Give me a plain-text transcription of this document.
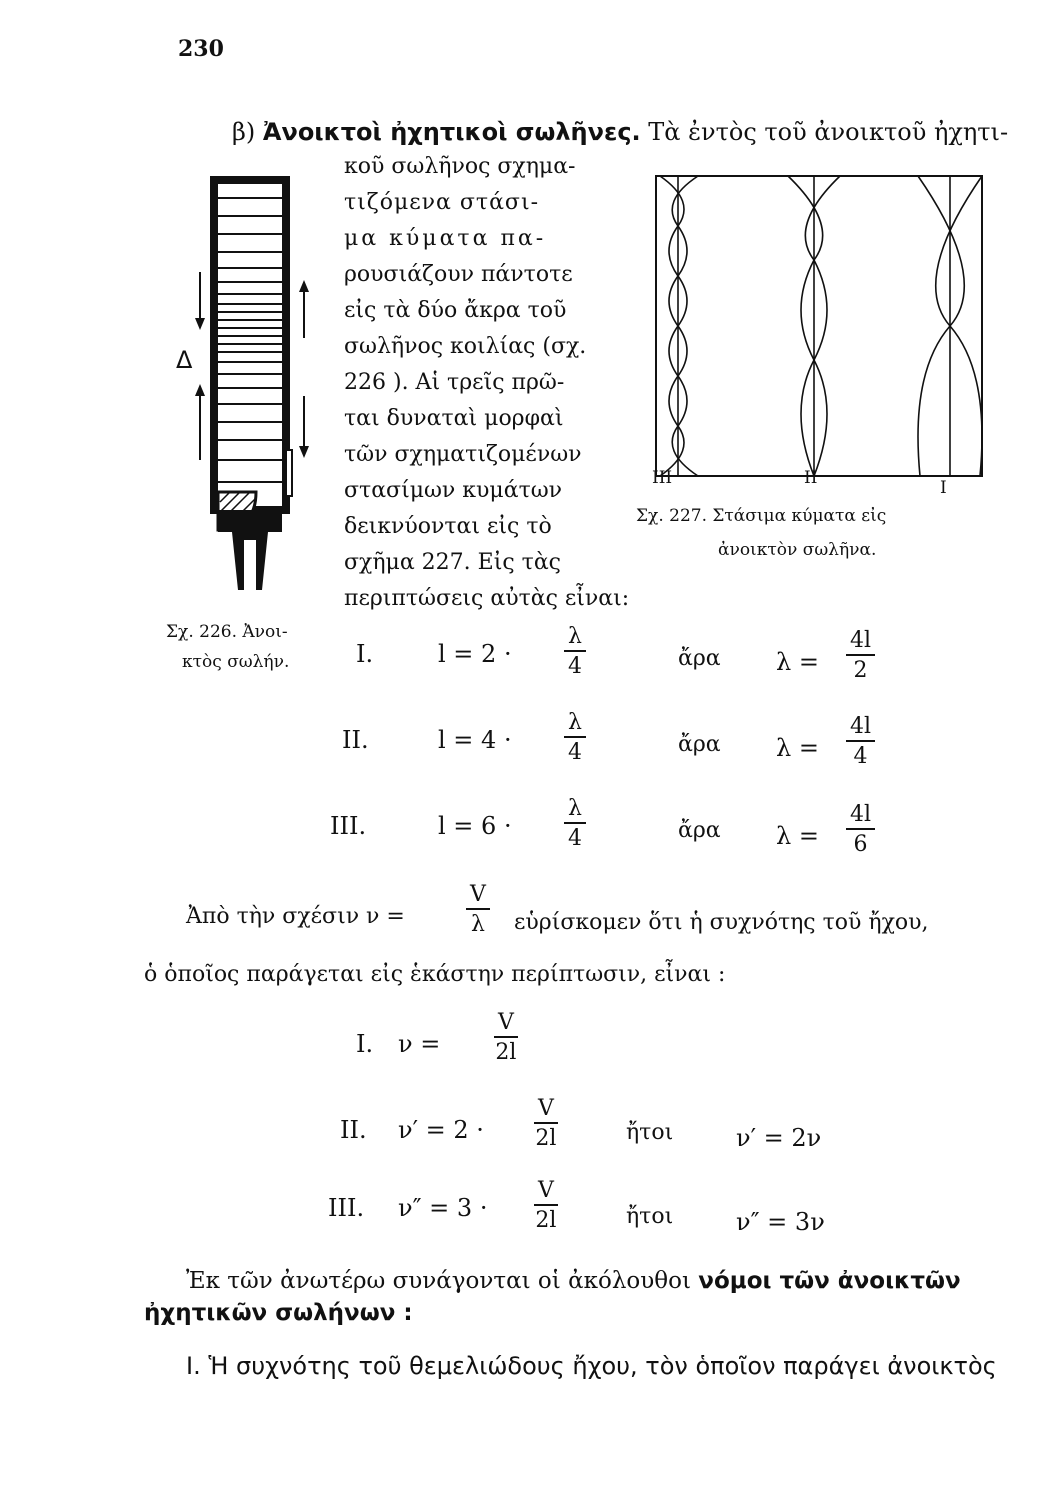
230
β) Ἀνοικτοὶ ἠχητικοὶ σωλῆνες. Τὰ ἐντὸς τοῦ ἀνοικτοῦ ἠχητι-
κοῦ σωλῆνος σχημα-
τιζόμενα στάσι-
μα κύματα πα-
ρουσιάζουν πάντοτε
εἰς τὰ δύο ἄκρα τοῦ
σωλῆνος κοιλίας (σχ.
226 ). Αἱ τρεῖς πρῶ-
ται δυναταὶ μορφαὶ
τῶν σχηματιζομένων
στασίμων κυμάτων
δεικνύονται εἰς τὸ
σχῆμα 227. Εἰς τὰς
περιπτώσεις αὐτὰς εἶναι:
Δ
Σχ. 226. Ἀνοι-
κτὸς σωλήν.
III	II	I
Σχ. 227. Στάσιμα κύματα εἰς
ἀνοικτὸν σωλῆνα.
I.	$l = 2 \cdot \frac{\lambda}{4}$	ἄρα $\lambda = \frac{4l}{2}$
II.	$l = 4 \cdot \frac{\lambda}{4}$	ἄρα $\lambda = \frac{4l}{4}$
III.	$l = 6 \cdot \frac{\lambda}{4}$	ἄρα $\lambda = \frac{4l}{6}$
Ἀπὸ τὴν σχέσιν ν =	$\frac{V}{\lambda}$ εὑρίσκομεν ὅτι ἡ συχνότης τοῦ ἤχου,
ὁ ὁποῖος παράγεται εἰς ἑκάστην περίπτωσιν, εἶναι :
I. $\nu = \frac{V}{2l}$
II. $\nu' = 2 \cdot \frac{V}{2l}$	ἤτοι	ν′ = 2ν
III. $\nu'' = 3 \cdot \frac{V}{2l}$	ἤτοι	ν″ = 3ν
Ἐκ τῶν ἀνωτέρω συνάγονται οἱ ἀκόλουθοι νόμοι τῶν ἀνοικτῶν
ἠχητικῶν σωλήνων :
I. Ἡ συχνότης τοῦ θεμελιώδους ἤχου, τὸν ὁποῖον παράγει ἀνοικτὸς
